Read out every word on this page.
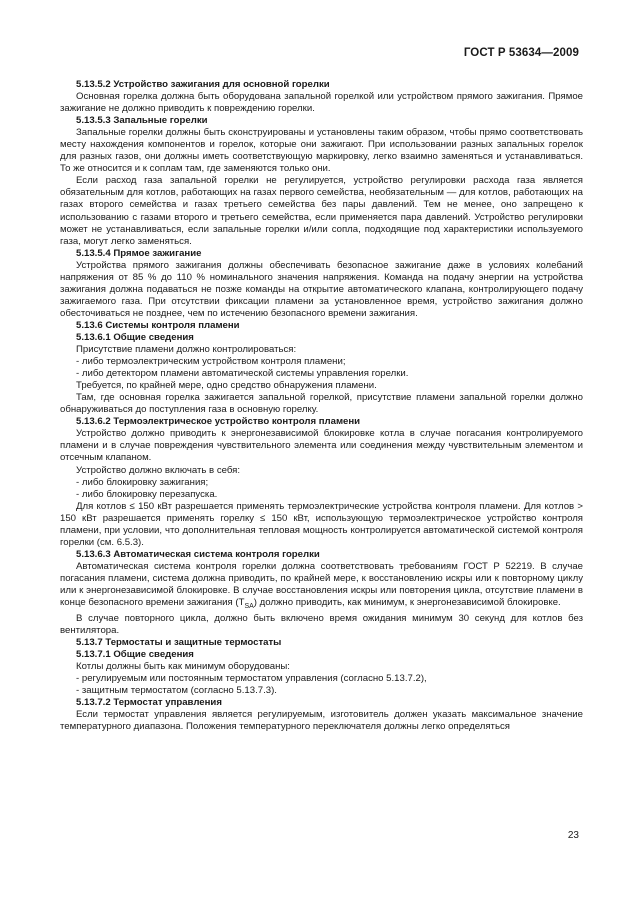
ГОСТ Р 53634—2009

5.13.5.2 Устройство зажигания для основной горелки

Основная горелка должна быть оборудована запальной горелкой или устройством прямого зажигания. Прямое зажигание не должно приводить к повреждению горелки.

5.13.5.3 Запальные горелки

Запальные горелки должны быть сконструированы и установлены таким образом, чтобы прямо соответствовать месту нахождения компонентов и горелок, которые они зажигают. При использовании разных запальных горелок для разных газов, они должны иметь соответствующую маркировку, легко взаимно заменяться и устанавливаться. То же относится и к соплам там, где заменяются только они.

Если расход газа запальной горелки не регулируется, устройство регулировки расхода газа является обязательным для котлов, работающих на газах первого семейства, необязательным — для котлов, работающих на газах второго семейства и газах третьего семейства без пары давлений. Тем не менее, оно запрещено к использованию с газами второго и третьего семейства, если применяется пара давлений. Устройство регулировки может не устанавливаться, если запальные горелки и/или сопла, подходящие под характеристики используемого газа, могут легко заменяться.

5.13.5.4 Прямое зажигание

Устройства прямого зажигания должны обеспечивать безопасное зажигание даже в условиях колебаний напряжения от 85 % до 110 % номинального значения напряжения. Команда на подачу энергии на устройства зажигания должна подаваться не позже команды на открытие автоматического клапана, контролирующего подачу зажигаемого газа. При отсутствии фиксации пламени за установленное время, устройство зажигания должно обесточиваться не позднее, чем по истечению безопасного времени зажигания.

5.13.6 Системы контроля пламени

5.13.6.1 Общие сведения

Присутствие пламени должно контролироваться:

- либо термоэлектрическим устройством контроля пламени;

- либо детектором пламени автоматической системы управления горелки.

Требуется, по крайней мере, одно средство обнаружения пламени.

Там, где основная горелка зажигается запальной горелкой, присутствие пламени запальной горелки должно обнаруживаться до поступления газа в основную горелку.

5.13.6.2 Термоэлектрическое устройство контроля пламени

Устройство должно приводить к энергонезависимой блокировке котла в случае погасания контролируемого пламени и в случае повреждения чувствительного элемента или соединения между чувствительным элементом и отсечным клапаном.

Устройство должно включать в себя:

- либо блокировку зажигания;

- либо блокировку перезапуска.

Для котлов ≤ 150 кВт разрешается применять термоэлектрические устройства контроля пламени. Для котлов > 150 кВт разрешается применять горелку ≤ 150 кВт, использующую термоэлектрическое устройство контроля пламени, при условии, что дополнительная тепловая мощность контролируется автоматической системой контроля горелки (см. 6.5.3).

5.13.6.3 Автоматическая система контроля горелки

Автоматическая система контроля горелки должна соответствовать требованиям ГОСТ Р 52219. В случае погасания пламени, система должна приводить, по крайней мере, к восстановлению искры или к повторному циклу или к энергонезависимой блокировке. В случае восстановления искры или повторения цикла, отсутствие пламени в конце безопасного времени зажигания $(T_{SA})$ должно приводить, как минимум, к энергонезависимой блокировке.

В случае повторного цикла, должно быть включено время ожидания минимум 30 секунд для котлов без вентилятора.

5.13.7 Термостаты и защитные термостаты

5.13.7.1 Общие сведения

Котлы должны быть как минимум оборудованы:

- регулируемым или постоянным термостатом управления (согласно 5.13.7.2),

- защитным термостатом (согласно 5.13.7.3).

5.13.7.2 Термостат управления

Если термостат управления является регулируемым, изготовитель должен указать максимальное значение температурного диапазона. Положения температурного переключателя должны легко определяться

23
